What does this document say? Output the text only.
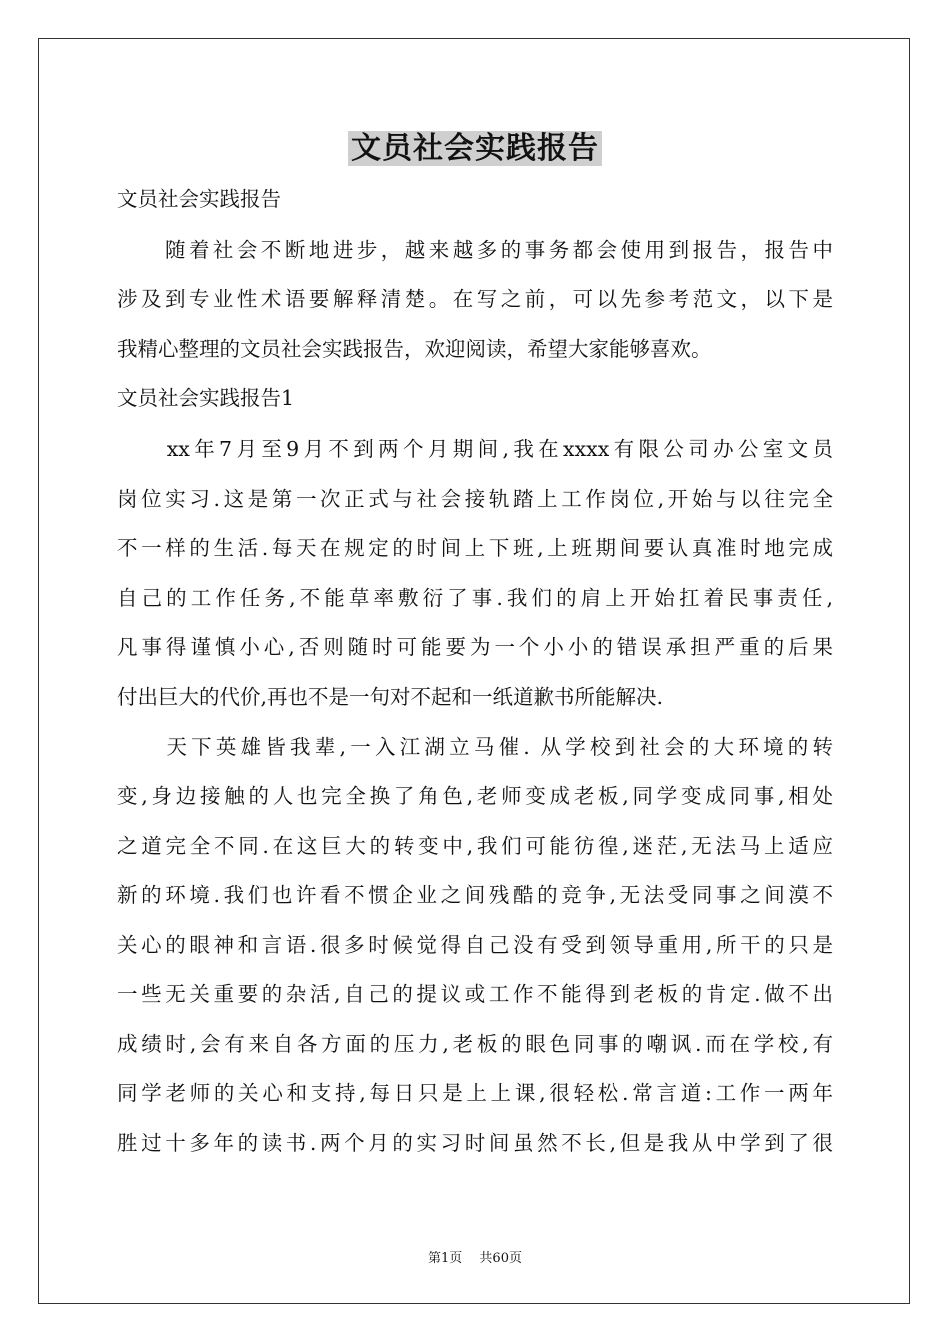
文员社会实践报告
文员社会实践报告
　　随着社会不断地进步，越来越多的事务都会使用到报告，报告中
涉及到专业性术语要解释清楚。在写之前，可以先参考范文，以下是
我精心整理的文员社会实践报告，欢迎阅读，希望大家能够喜欢。
文员社会实践报告1
　　xx年7月至9月不到两个月期间,我在xxxx有限公司办公室文员
岗位实习.这是第一次正式与社会接轨踏上工作岗位,开始与以往完全
不一样的生活.每天在规定的时间上下班,上班期间要认真准时地完成
自己的工作任务,不能草率敷衍了事.我们的肩上开始扛着民事责任,
凡事得谨慎小心,否则随时可能要为一个小小的错误承担严重的后果
付出巨大的代价,再也不是一句对不起和一纸道歉书所能解决.
　　天下英雄皆我辈,一入江湖立马催. 从学校到社会的大环境的转
变,身边接触的人也完全换了角色,老师变成老板,同学变成同事,相处
之道完全不同.在这巨大的转变中,我们可能彷徨,迷茫,无法马上适应
新的环境.我们也许看不惯企业之间残酷的竞争,无法受同事之间漠不
关心的眼神和言语.很多时候觉得自己没有受到领导重用,所干的只是
一些无关重要的杂活,自己的提议或工作不能得到老板的肯定.做不出
成绩时,会有来自各方面的压力,老板的眼色同事的嘲讽.而在学校,有
同学老师的关心和支持,每日只是上上课,很轻松.常言道:工作一两年
胜过十多年的读书.两个月的实习时间虽然不长,但是我从中学到了很
第1页　 共60页
